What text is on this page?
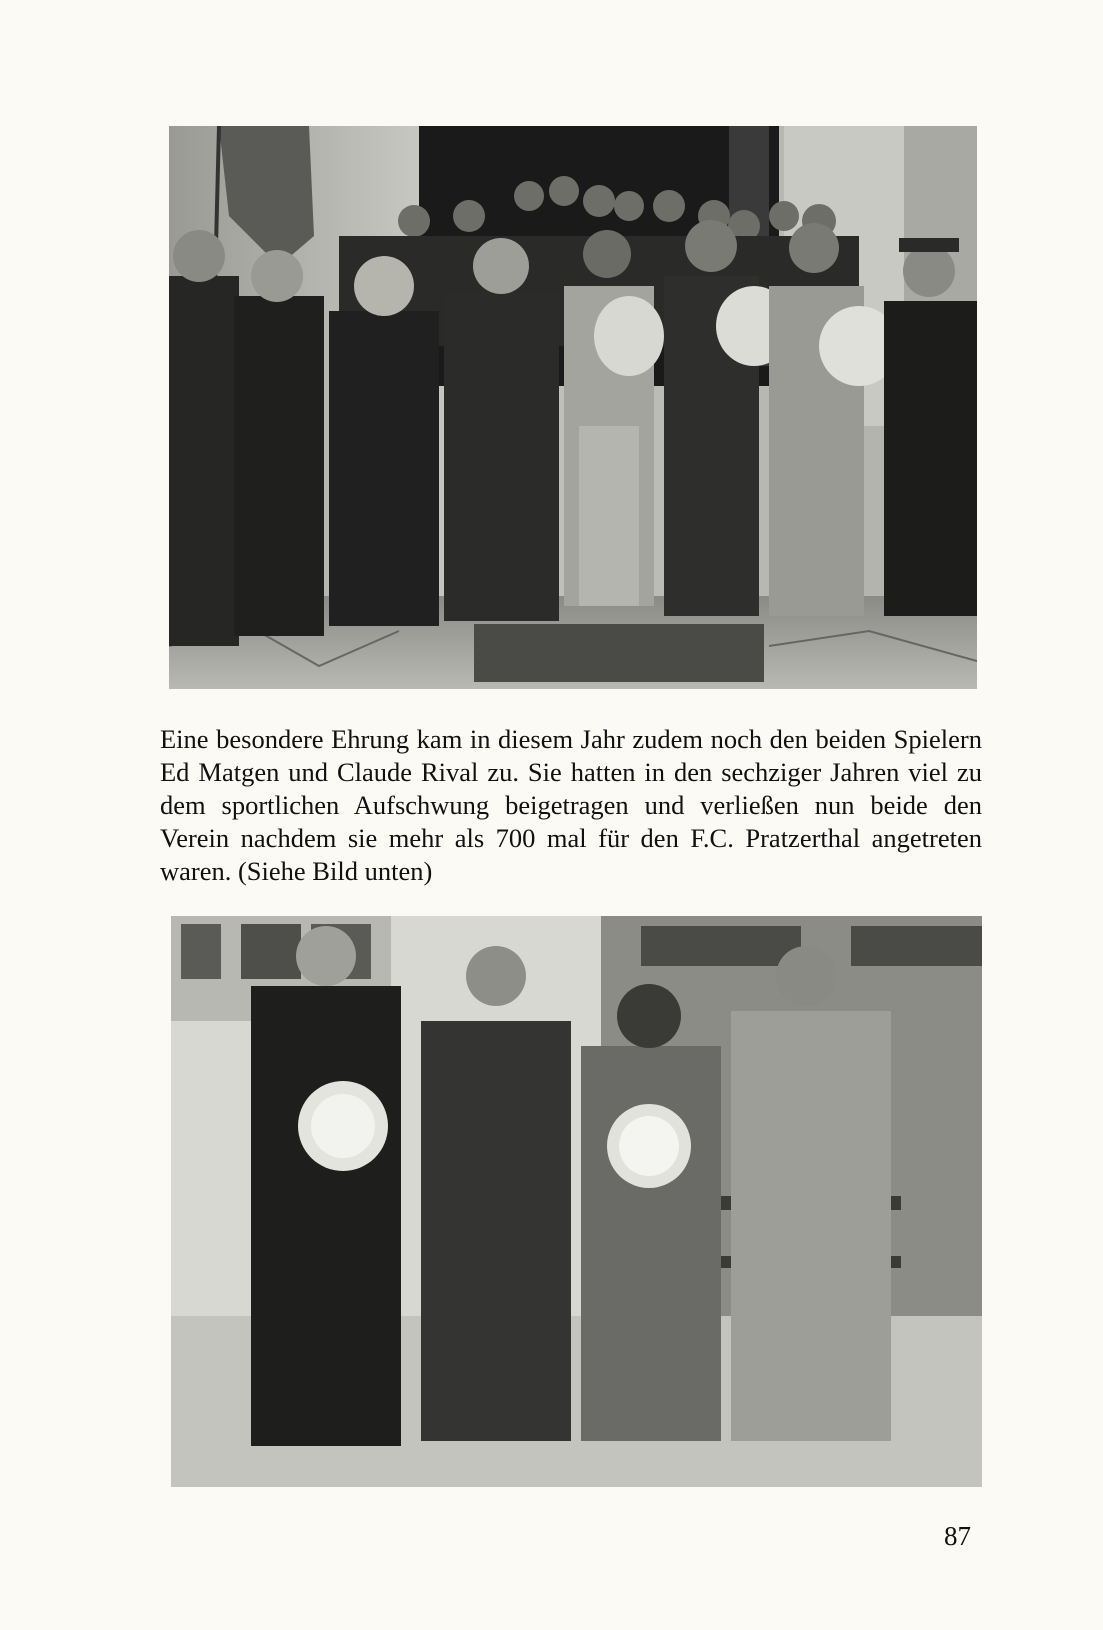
Eine besondere Ehrung kam in diesem Jahr zudem noch den beiden Spielern Ed Matgen und Claude Rival zu. Sie hatten in den sechziger Jahren viel zu dem sportlichen Aufschwung beigetragen und verließen nun beide den Verein nachdem sie mehr als 700 mal für den F.C. Pratzerthal angetreten waren. (Siehe Bild unten)

87
